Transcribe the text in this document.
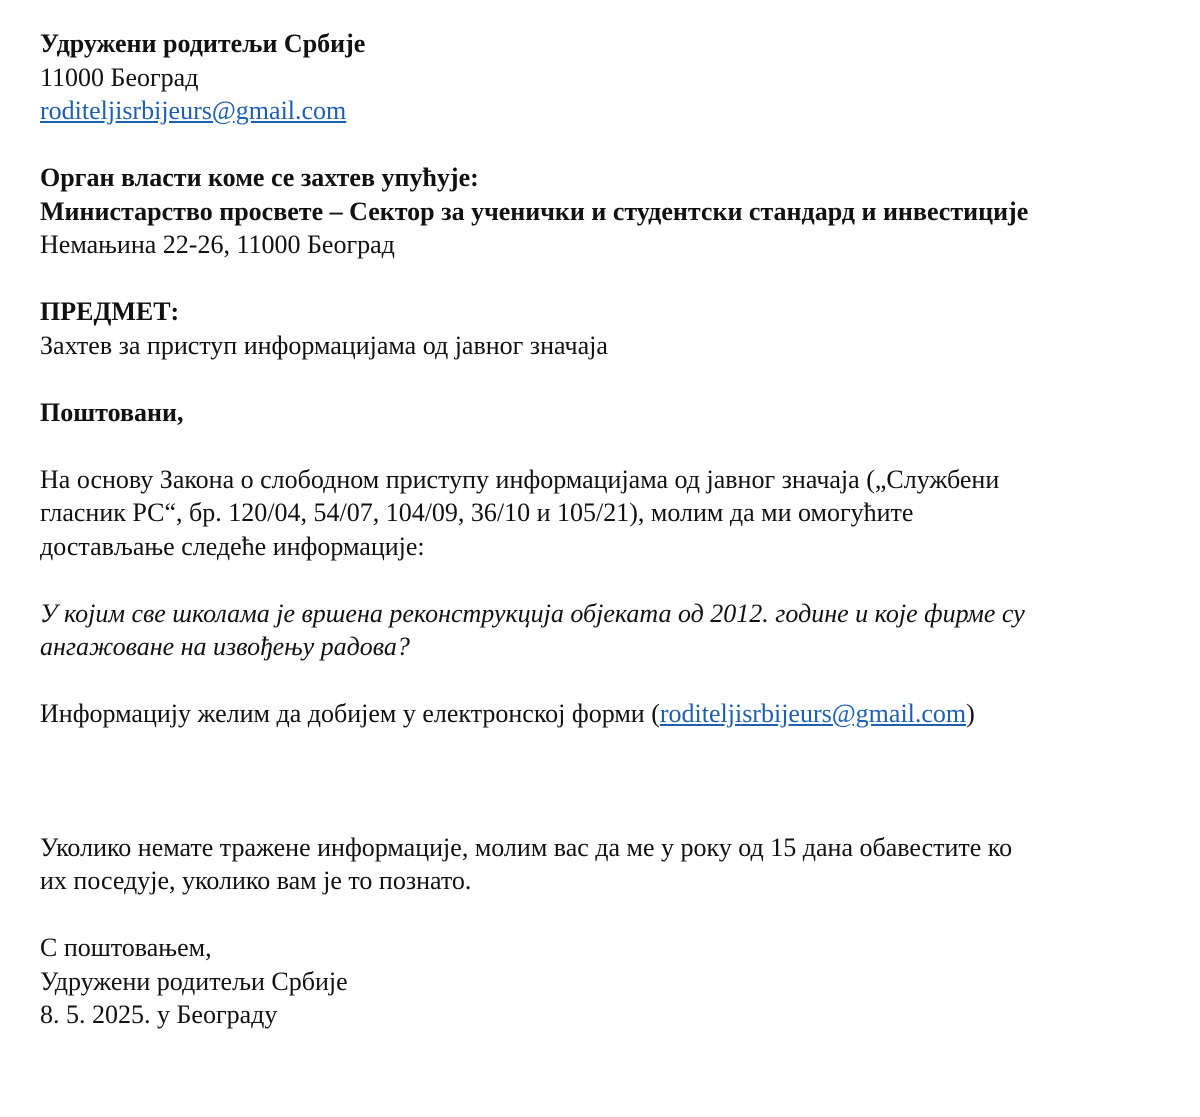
Удружени родитељи Србије
11000 Београд
roditeljisrbijeurs@gmail.com
Орган власти коме се захтев упућује:
Министарство просвете – Сектор за ученички и студентски стандард и инвестиције
Немањина 22-26, 11000 Београд
ПРЕДМЕТ:
Захтев за приступ информацијама од јавног значаја
Поштовани,
На основу Закона о слободном приступу информацијама од јавног значаја („Службени
гласник РС“, бр. 120/04, 54/07, 104/09, 36/10 и 105/21), молим да ми омогућите
достављање следеће информације:
У којим све школама је вршена реконструкција објеката од 2012. године и које фирме су
ангажоване на извођењу радова?
Информацију желим да добијем у електронској форми (roditeljisrbijeurs@gmail.com)
Уколико немате тражене информације, молим вас да ме у року од 15 дана обавестите ко
их поседује, уколико вам је то познато.
С поштовањем,
Удружени родитељи Србије
8. 5. 2025. у Београду
